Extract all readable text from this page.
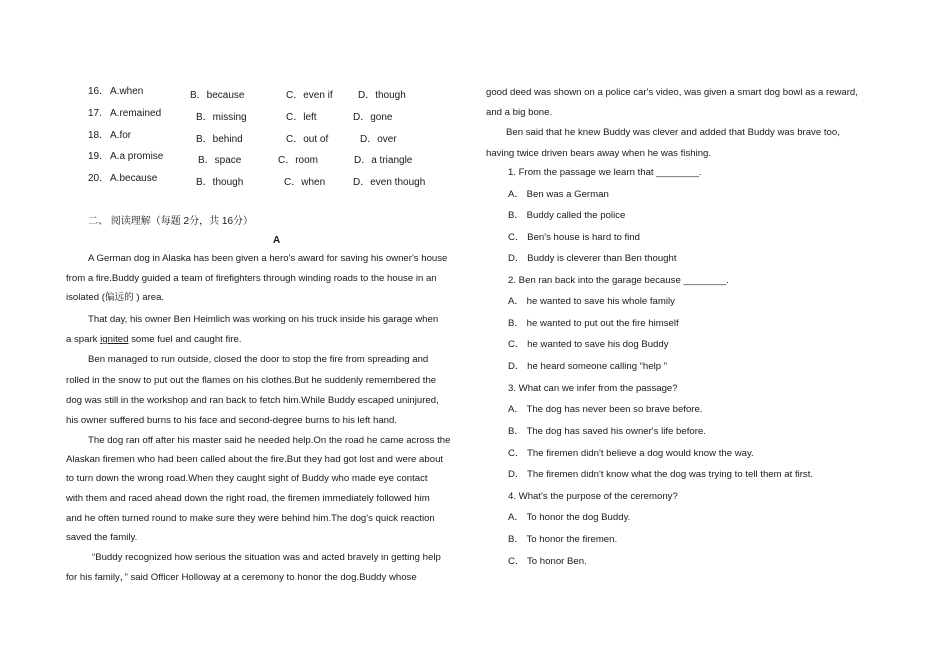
16. A.when	B．because	C．even if	D．though
17. A.remained	B．missing	C．left	D．gone
18. A.for	B．behind	C．out of	D．over
19. A.a promise	B．space	C．room	D．a triangle
20. A.because	B．though	C．when	D．even though
二、 阅读理解（每题 2分，共 16分）
A
A German dog in Alaska has been given a hero's award for saving his owner's house
from a fire.Buddy guided a team of firefighters through winding roads to the house in an
isolated (偏远的 ) area.
That day, his owner Ben Heimlich was working on his truck inside his garage when
a spark ignited some fuel and caught fire.
Ben managed to run outside, closed the door to stop the fire from spreading and
rolled in the snow to put out the flames on his clothes.But he suddenly remembered the
dog was still in the workshop and ran back to fetch him.While Buddy escaped uninjured,
his owner suffered burns to his face and second-degree burns to his left hand.
The dog ran off after his master said he needed help.On the road he came across the
Alaskan firemen who had been called about the fire.But they had got lost and were about
to turn down the wrong road.When they caught sight of Buddy who made eye contact
with them and raced ahead down the right road, the firemen immediately followed him
and he often turned round to make sure they were behind him.The dog's quick reaction
saved the family.
“Buddy recognized how serious the situation was and acted bravely in getting help
for his family，” said Officer Holloway at a ceremony to honor the dog.Buddy whose
good deed was shown on a police car's video, was given a smart dog bowl as a reward,
and a big bone.
Ben said that he knew Buddy was clever and added that Buddy was brave too,
having twice driven bears away when he was fishing.
1. From the passage we learn that ________.
A． Ben was a German
B． Buddy called the police
C． Ben's house is hard to find
D． Buddy is cleverer than Ben thought
2. Ben ran back into the garage because ________.
A． he wanted to save his whole family
B． he wanted to put out the fire himself
C． he wanted to save his dog Buddy
D． he heard someone calling “help ”
3. What can we infer from the passage?
A． The dog has never been so brave before.
B． The dog has saved his owner's life before.
C． The firemen didn't believe a dog would know the way.
D． The firemen didn't know what the dog was trying to tell them at first.
4. What's the purpose of the ceremony?
A． To honor the dog Buddy.
B． To honor the firemen.
C． To honor Ben.
